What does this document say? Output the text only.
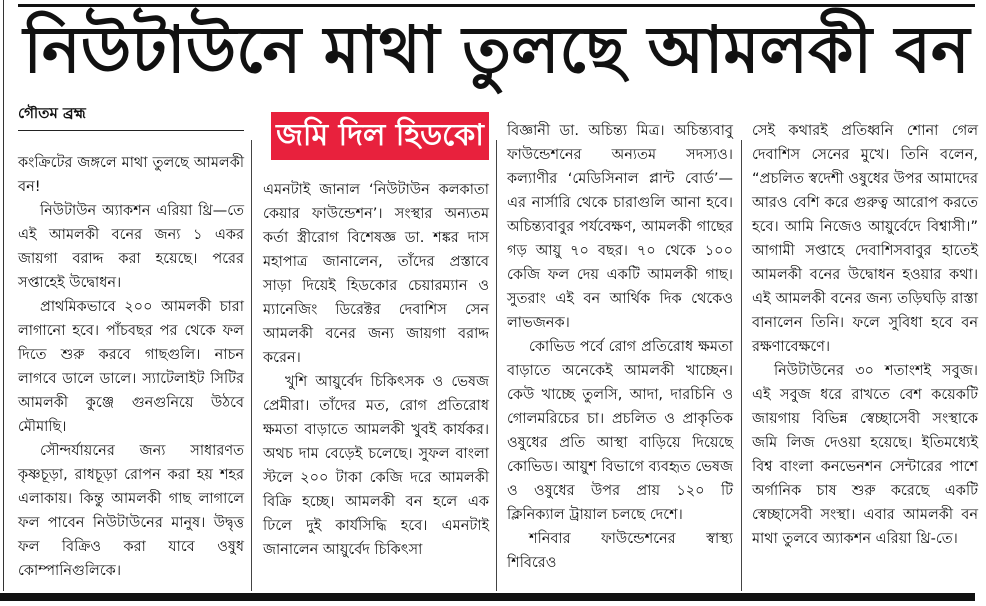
নিউটাউনে মাথা তুলছে আমলকী বন

গৌতম ব্রহ্ম

কংক্রিটের জঙ্গলে মাথা তুলছে আমলকী বন!

নিউটাউন অ্যাকশন এরিয়া থ্রি—তে এই আমলকী বনের জন্য ১ একর জায়গা বরাদ্দ করা হয়েছে। পরের সপ্তাহেই উদ্বোধন।

প্রাথমিকভাবে ২০০ আমলকী চারা লাগানো হবে। পাঁচবছর পর থেকে ফল দিতে শুরু করবে গাছগুলি। নাচন লাগবে ডালে ডালে। স্যাটেলাইট সিটির আমলকী কুঞ্জে গুনগুনিয়ে উঠবে মৌমাছি।

সৌন্দর্যায়নের জন্য সাধারণত কৃষ্ণচূড়া, রাধচূড়া রোপন করা হয় শহর এলাকায়। কিন্তু আমলকী গাছ লাগালে ফল পাবেন নিউটাউনের মানুষ। উদ্বৃত্ত ফল বিক্রিও করা যাবে ওষুধ কোম্পানিগুলিকে।

জমি দিল হিডকো

এমনটাই জানাল ‘নিউটাউন কলকাতা কেয়ার ফাউন্ডেশন’। সংস্থার অন্যতম কর্তা স্ত্রীরোগ বিশেষজ্ঞ ডা. শঙ্কর দাস মহাপাত্র জানালেন, তাঁদের প্রস্তাবে সাড়া দিয়েই হিডকোর চেয়ারম্যান ও ম্যানেজিং ডিরেক্টর দেবাশিস সেন আমলকী বনের জন্য জায়গা বরাদ্দ করেন।

খুশি আয়ুর্বেদ চিকিৎসক ও ভেষজ প্রেমীরা। তাঁদের মত, রোগ প্রতিরোধ ক্ষমতা বাড়াতে আমলকী খুবই কার্যকর। অথচ দাম বেড়েই চলেছে। সুফল বাংলা স্টলে ২০০ টাকা কেজি দরে আমলকী বিক্রি হচ্ছে। আমলকী বন হলে এক ঢিলে দুই কার্যসিদ্ধি হবে। এমনটাই জানালেন আয়ুর্বেদ চিকিৎসা

বিজ্ঞানী ডা. অচিন্ত্য মিত্র। অচিন্ত্যবাবু ফাউন্ডেশনের অন্যতম সদস্যও। কল্যাণীর ‘মেডিসিনাল প্লান্ট বোর্ড’—এর নার্সারি থেকে চারাগুলি আনা হবে। অচিন্ত্যবাবুর পর্যবেক্ষণ, আমলকী গাছের গড় আয়ু ৭০ বছর। ৭০ থেকে ১০০ কেজি ফল দেয় একটি আমলকী গাছ। সুতরাং এই বন আর্থিক দিক থেকেও লাভজনক।

কোভিড পর্বে রোগ প্রতিরোধ ক্ষমতা বাড়াতে অনেকেই আমলকী খাচ্ছেন। কেউ খাচ্ছে তুলসি, আদা, দারচিনি ও গোলমরিচের চা। প্রচলিত ও প্রাকৃতিক ওষুধের প্রতি আস্থা বাড়িয়ে দিয়েছে কোভিড। আয়ুশ বিভাগে ব্যবহৃত ভেষজ ও ওষুধের উপর প্রায় ১২০ টি ক্লিনিক্যাল ট্রায়াল চলছে দেশে।

শনিবার ফাউন্ডেশনের স্বাস্থ্য শিবিরেও

সেই কথারই প্রতিধ্বনি শোনা গেল দেবাশিস সেনের মুখে। তিনি বলেন, “প্রচলিত স্বদেশী ওষুধের উপর আমাদের আরও বেশি করে গুরুত্ব আরোপ করতে হবে। আমি নিজেও আয়ুর্বেদে বিশ্বাসী।” আগামী সপ্তাহে দেবাশিসবাবুর হাতেই আমলকী বনের উদ্বোধন হওয়ার কথা। এই আমলকী বনের জন্য তড়িঘড়ি রাস্তা বানালেন তিনি। ফলে সুবিধা হবে বন রক্ষণাবেক্ষণে।

নিউটাউনের ৩০ শতাংশই সবুজ। এই সবুজ ধরে রাখতে বেশ কয়েকটি জায়গায় বিভিন্ন স্বেচ্ছাসেবী সংস্থাকে জমি লিজ দেওয়া হয়েছে। ইতিমধ্যেই বিশ্ব বাংলা কনভেনশন সেন্টারের পাশে অর্গানিক চাষ শুরু করেছে একটি স্বেচ্ছাসেবী সংস্থা। এবার আমলকী বন মাথা তুলবে অ্যাকশন এরিয়া থ্রি-তে।
